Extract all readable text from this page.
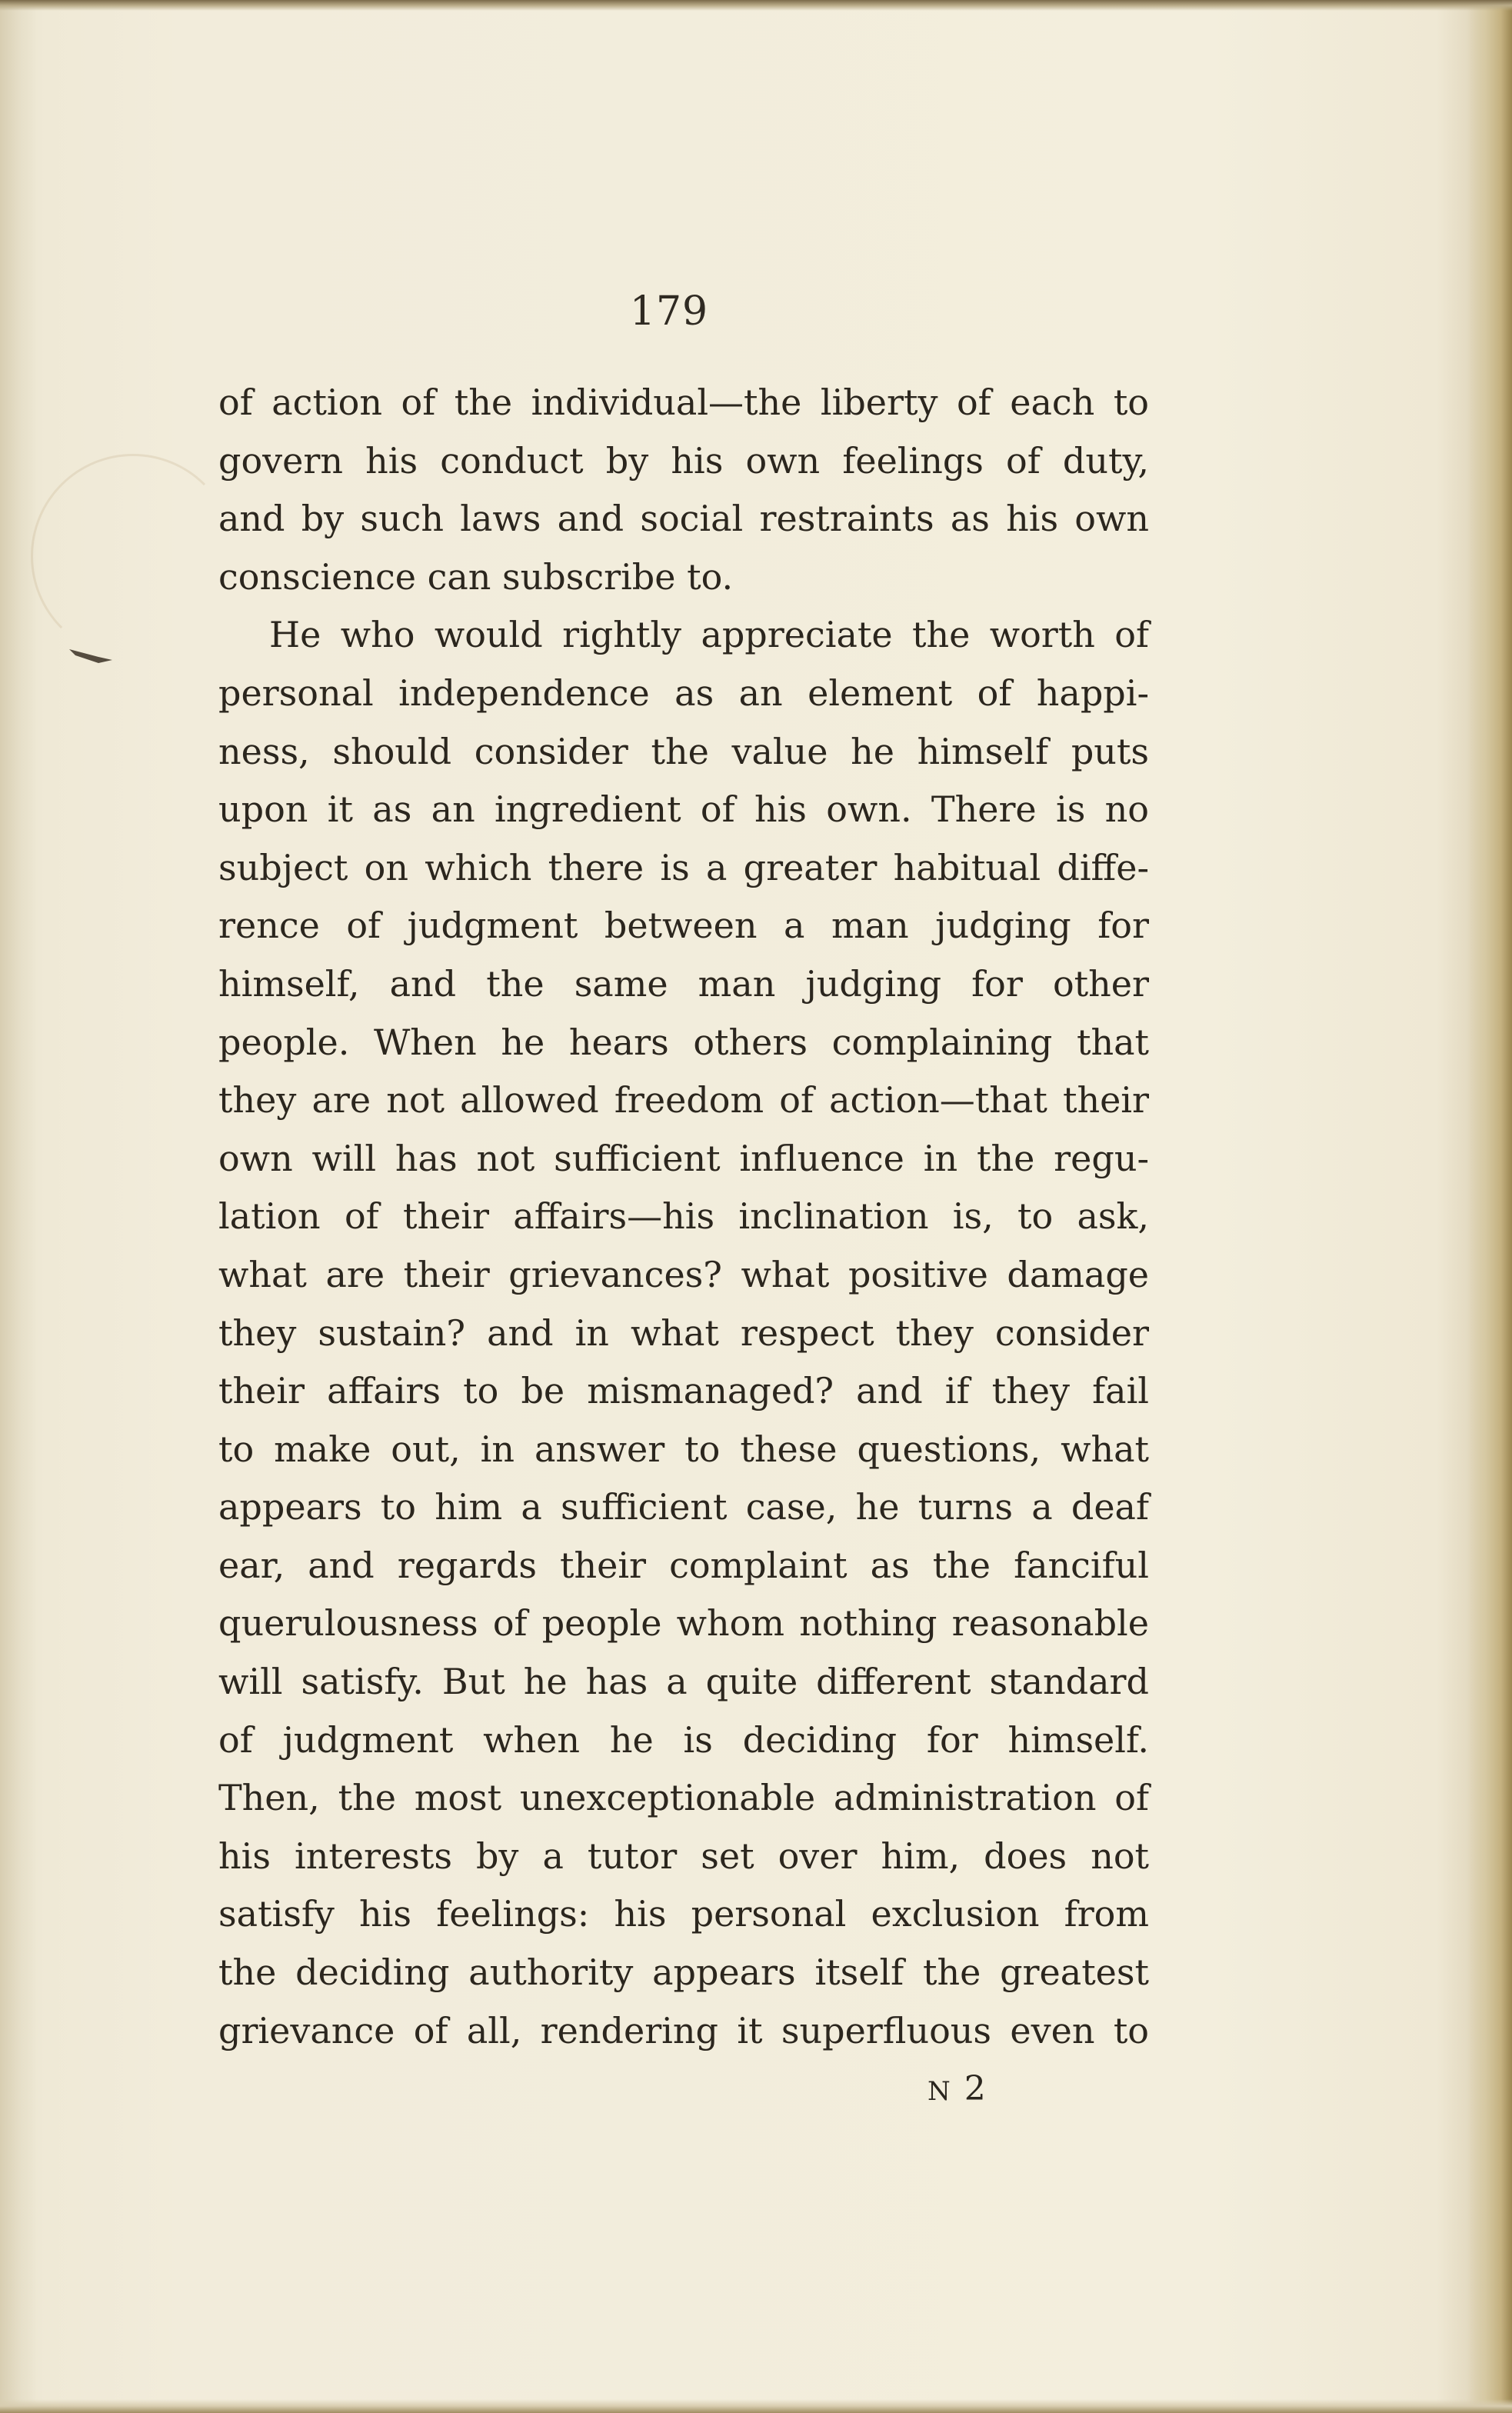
179
of action of the individual—the liberty of each to
govern his conduct by his own feelings of duty,
and by such laws and social restraints as his own
conscience can subscribe to.
He who would rightly appreciate the worth of
personal independence as an element of happi-
ness, should consider the value he himself puts
upon it as an ingredient of his own. There is no
subject on which there is a greater habitual diffe-
rence of judgment between a man judging for
himself, and the same man judging for other
people. When he hears others complaining that
they are not allowed freedom of action—that their
own will has not sufficient influence in the regu-
lation of their affairs—his inclination is, to ask,
what are their grievances? what positive damage
they sustain? and in what respect they consider
their affairs to be mismanaged? and if they fail
to make out, in answer to these questions, what
appears to him a sufficient case, he turns a deaf
ear, and regards their complaint as the fanciful
querulousness of people whom nothing reasonable
will satisfy. But he has a quite different standard
of judgment when he is deciding for himself.
Then, the most unexceptionable administration of
his interests by a tutor set over him, does not
satisfy his feelings: his personal exclusion from
the deciding authority appears itself the greatest
grievance of all, rendering it superfluous even to
N 2
